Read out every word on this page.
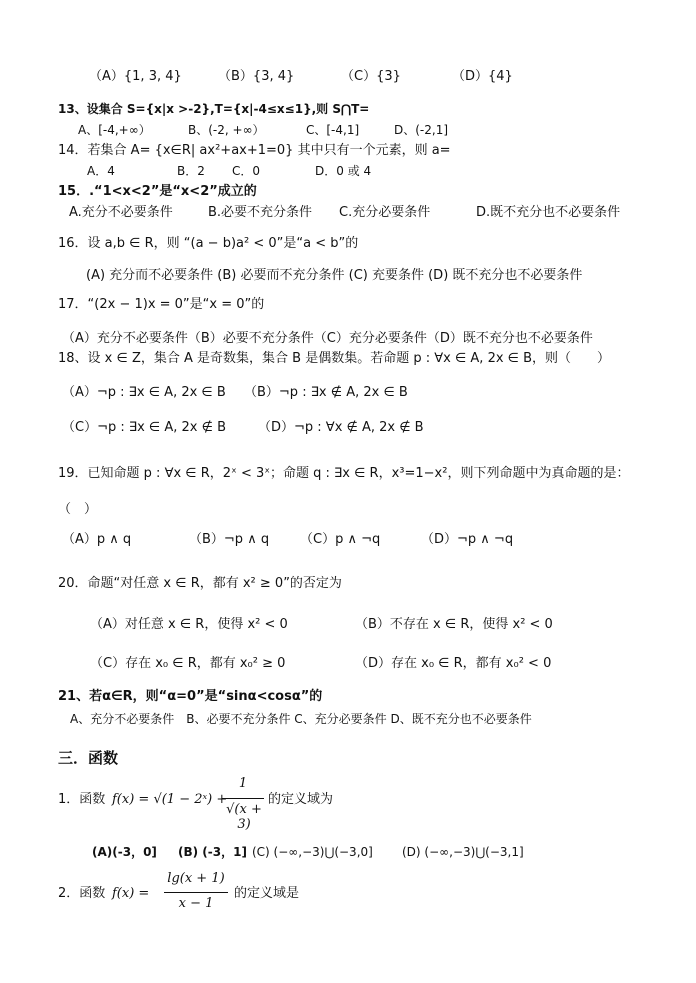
（A）{1, 3, 4}	（B）{3, 4}	（C）{3}	（D）{4}
13、设集合 S={x|x >-2},T={x|-4≤x≤1},则 S⋂T=
A、[-4,+∞）	B、(-2, +∞）	C、[-4,1]	D、(-2,1]
14．若集合 A= {x∈R| ax²+ax+1=0} 其中只有一个元素，则 a=
A．4	B．2 C．0	D．0 或 4
15．.“1<x<2”是“x<2”成立的
A.充分不必要条件	B.必要不充分条件 C.充分必要条件	D.既不充分也不必要条件
16．设 a,b ∈ R，则 “(a − b)a² < 0”是“a < b”的
(A) 充分而不必要条件 (B) 必要而不充分条件 (C) 充要条件 (D) 既不充分也不必要条件
17．“(2x − 1)x = 0”是“x = 0”的
（A）充分不必要条件（B）必要不充分条件（C）充分必要条件（D）既不充分也不必要条件
18、设 x ∈ Z，集合 A 是奇数集，集合 B 是偶数集。若命题 p : ∀x ∈ A, 2x ∈ B，则（　　）
（A）¬p : ∃x ∈ A, 2x ∈ B （B）¬p : ∃x ∉ A, 2x ∈ B
（C）¬p : ∃x ∈ A, 2x ∉ B （D）¬p : ∀x ∉ A, 2x ∉ B
19．已知命题 p : ∀x ∈ R，2ˣ < 3ˣ；命题 q : ∃x ∈ R，x³=1−x²，则下列命题中为真命题的是：
（　）
（A）p ∧ q	（B）¬p ∧ q （C）p ∧ ¬q	（D）¬p ∧ ¬q
20．命题“对任意 x ∈ R，都有 x² ≥ 0”的否定为
（A）对任意 x ∈ R，使得 x² < 0	（B）不存在 x ∈ R，使得 x² < 0
（C）存在 x₀ ∈ R，都有 x₀² ≥ 0	（D）存在 x₀ ∈ R，都有 x₀² < 0
21、若α∈R，则“α=0”是“sinα<cosα”的
A、充分不必要条件　B、必要不充分条件 C、充分必要条件 D、既不充分也不必要条件
三．函数
1．函数 f(x) = √(1 − 2ˣ) +
1
√(x + 3)
的定义域为
(A)(-3，0] (B) (-3，1] (C) (−∞,−3)⋃(−3,0] (D) (−∞,−3)⋃(−3,1]
2．函数 f(x) =
lg(x + 1)
x − 1
的定义域是
